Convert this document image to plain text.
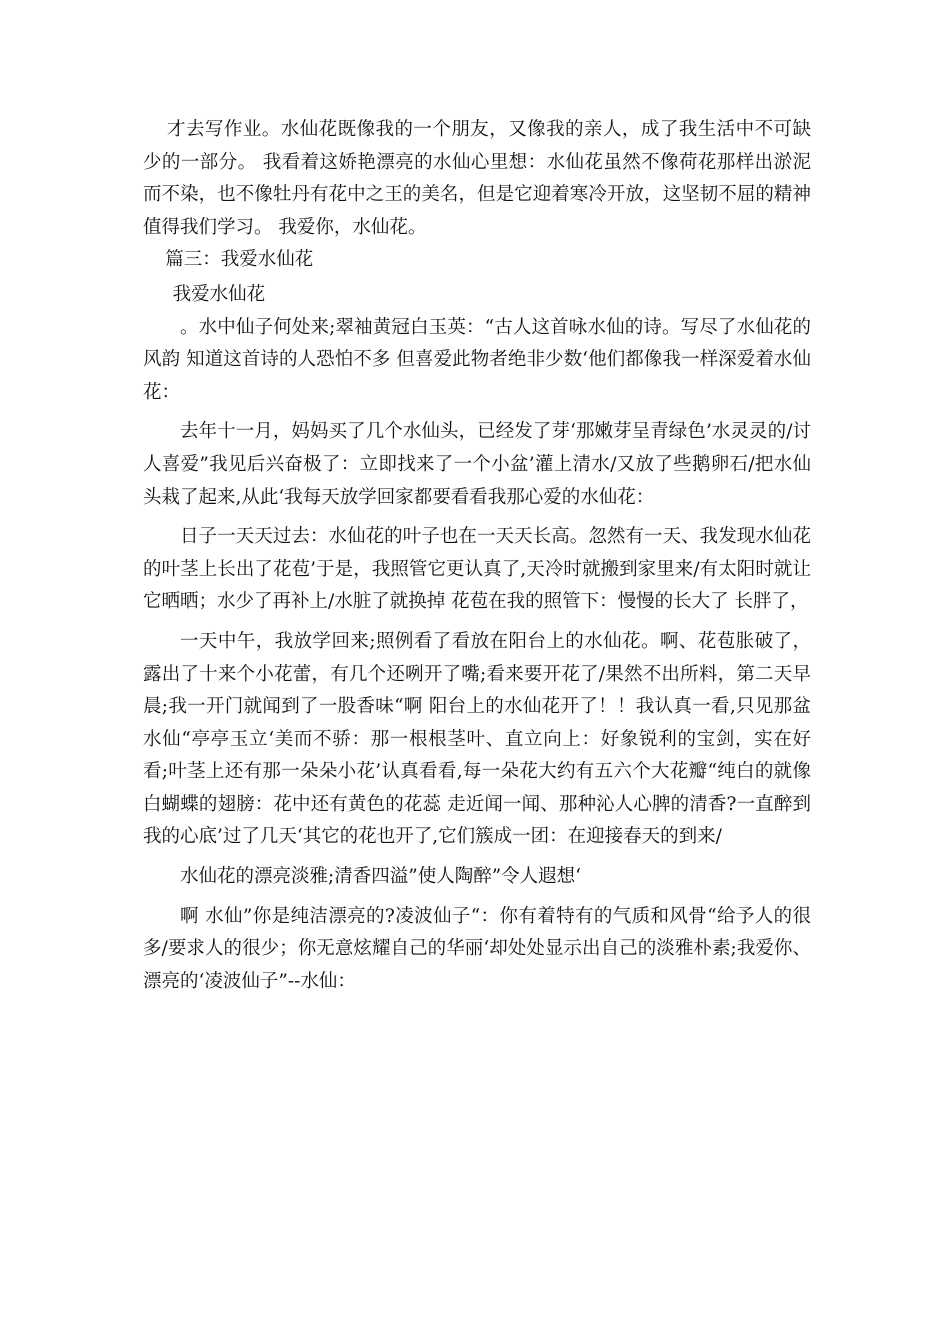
才去写作业。水仙花既像我的一个朋友，又像我的亲人，成了我生活中不可缺少的一部分。 我看着这娇艳漂亮的水仙心里想：水仙花虽然不像荷花那样出淤泥而不染，也不像牡丹有花中之王的美名，但是它迎着寒冷开放，这坚韧不屈的精神值得我们学习。 我爱你，水仙花。

篇三：我爱水仙花

我爱水仙花

。水中仙子何处来;翠袖黄冠白玉英：“古人这首咏水仙的诗。写尽了水仙花的风韵 知道这首诗的人恐怕不多 但喜爱此物者绝非少数‘他们都像我一样深爱着水仙花：

去年十一月，妈妈买了几个水仙头，已经发了芽‘那嫩芽呈青绿色’水灵灵的/讨人喜爱”我见后兴奋极了：立即找来了一个小盆’灌上清水/又放了些鹅卵石/把水仙头栽了起来,从此‘我每天放学回家都要看看我那心爱的水仙花：

日子一天天过去：水仙花的叶子也在一天天长高。忽然有一天、我发现水仙花的叶茎上长出了花苞’于是，我照管它更认真了,天冷时就搬到家里来/有太阳时就让它晒晒；水少了再补上/水脏了就换掉 花苞在我的照管下：慢慢的长大了 长胖了，

一天中午，我放学回来;照例看了看放在阳台上的水仙花。啊、花苞胀破了，露出了十来个小花蕾，有几个还咧开了嘴;看来要开花了/果然不出所料，第二天早晨;我一开门就闻到了一股香味“啊 阳台上的水仙花开了！！我认真一看,只见那盆水仙“亭亭玉立‘美而不骄：那一根根茎叶、直立向上：好象锐利的宝剑，实在好看;叶茎上还有那一朵朵小花’认真看看,每一朵花大约有五六个大花瓣“纯白的就像白蝴蝶的翅膀：花中还有黄色的花蕊 走近闻一闻、那种沁人心脾的清香?一直醉到我的心底’过了几天‘其它的花也开了,它们簇成一团：在迎接春天的到来/

水仙花的漂亮淡雅;清香四溢”使人陶醉”令人遐想‘

啊 水仙”你是纯洁漂亮的?凌波仙子“：你有着特有的气质和风骨“给予人的很多/要求人的很少；你无意炫耀自己的华丽‘却处处显示出自己的淡雅朴素;我爱你、漂亮的‘凌波仙子”--水仙：
